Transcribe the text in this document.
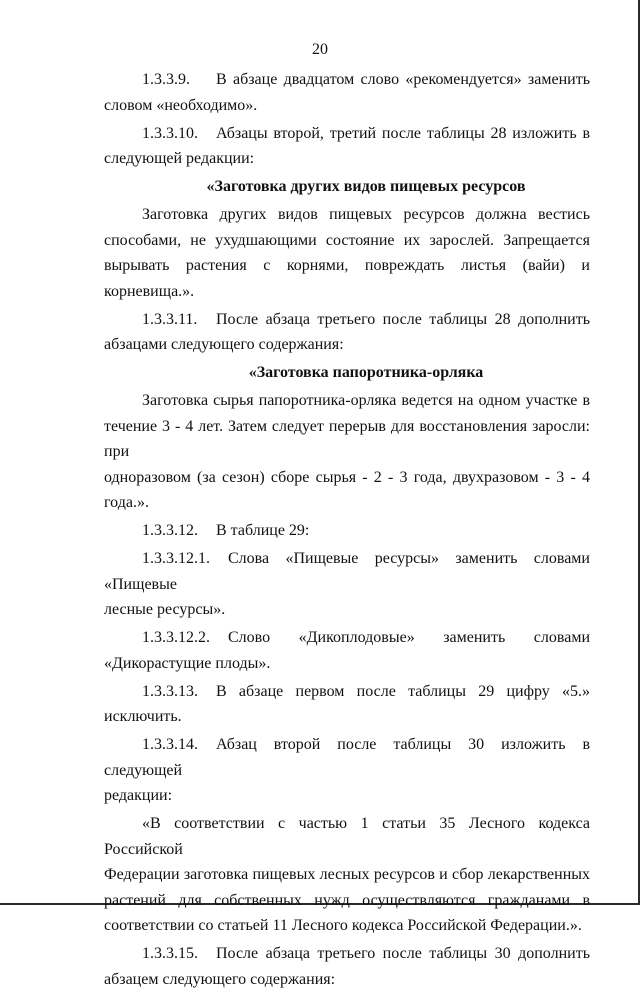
20

1.3.3.9. В абзаце двадцатом слово «рекомендуется» заменить

словом «необходимо».

1.3.3.10. Абзацы второй, третий после таблицы 28 изложить в

следующей редакции:

«Заготовка других видов пищевых ресурсов

Заготовка других видов пищевых ресурсов должна вестись

способами, не ухудшающими состояние их зарослей. Запрещается

вырывать растения с корнями, повреждать листья (вайи) и корневища.».

1.3.3.11. После абзаца третьего после таблицы 28 дополнить

абзацами следующего содержания:

«Заготовка папоротника-орляка

Заготовка сырья папоротника-орляка ведется на одном участке в

течение 3 - 4 лет. Затем следует перерыв для восстановления заросли: при

одноразовом (за сезон) сборе сырья - 2 - 3 года, двухразовом - 3 - 4 года.».

1.3.3.12. В таблице 29:

1.3.3.12.1. Слова «Пищевые ресурсы» заменить словами «Пищевые

лесные ресурсы».

1.3.3.12.2. Слово «Дикоплодовые» заменить словами

«Дикорастущие плоды».

1.3.3.13. В абзаце первом после таблицы 29 цифру «5.»

исключить.

1.3.3.14. Абзац второй после таблицы 30 изложить в следующей

редакции:

«В соответствии с частью 1 статьи 35 Лесного кодекса Российской

Федерации заготовка пищевых лесных ресурсов и сбор лекарственных

растений для собственных нужд осуществляются гражданами в

соответствии со статьей 11 Лесного кодекса Российской Федерации.».

1.3.3.15. После абзаца третьего после таблицы 30 дополнить

абзацем следующего содержания:
